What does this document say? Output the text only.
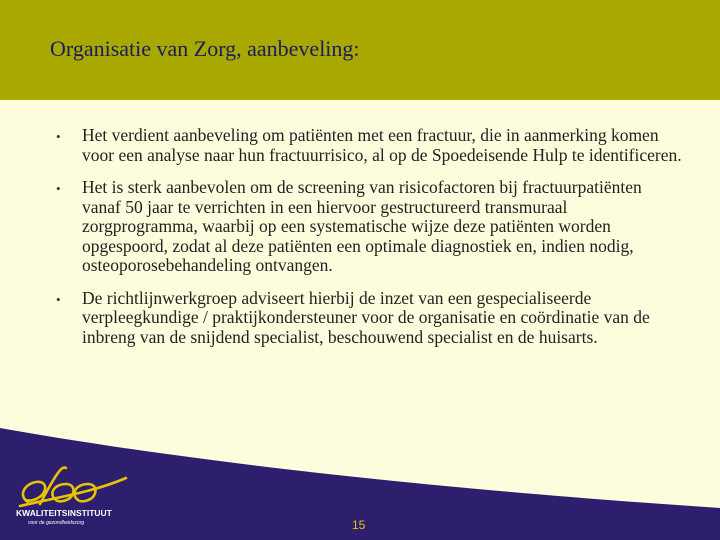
Organisatie van Zorg, aanbeveling:
•	Het verdient aanbeveling om patiënten met een fractuur, die in aanmerking komen voor een analyse naar hun fractuurrisico, al op de Spoedeisende Hulp te identificeren.
•	Het is sterk aanbevolen om de screening van risicofactoren bij fractuurpatiënten vanaf 50 jaar te verrichten in een hiervoor gestructureerd transmuraal zorgprogramma, waarbij op een systematische wijze deze patiënten worden opgespoord, zodat al deze patiënten een optimale diagnostiek en, indien nodig, osteoporosebehandeling ontvangen.
•	De richtlijnwerkgroep adviseert hierbij de inzet van een gespecialiseerde verpleegkundige / praktijkondersteuner voor de organisatie en coördinatie van de inbreng van de snijdend specialist, beschouwend specialist en de huisarts.
KWALITEITSINSTITUUT
voor de gezondheidszorg	15
